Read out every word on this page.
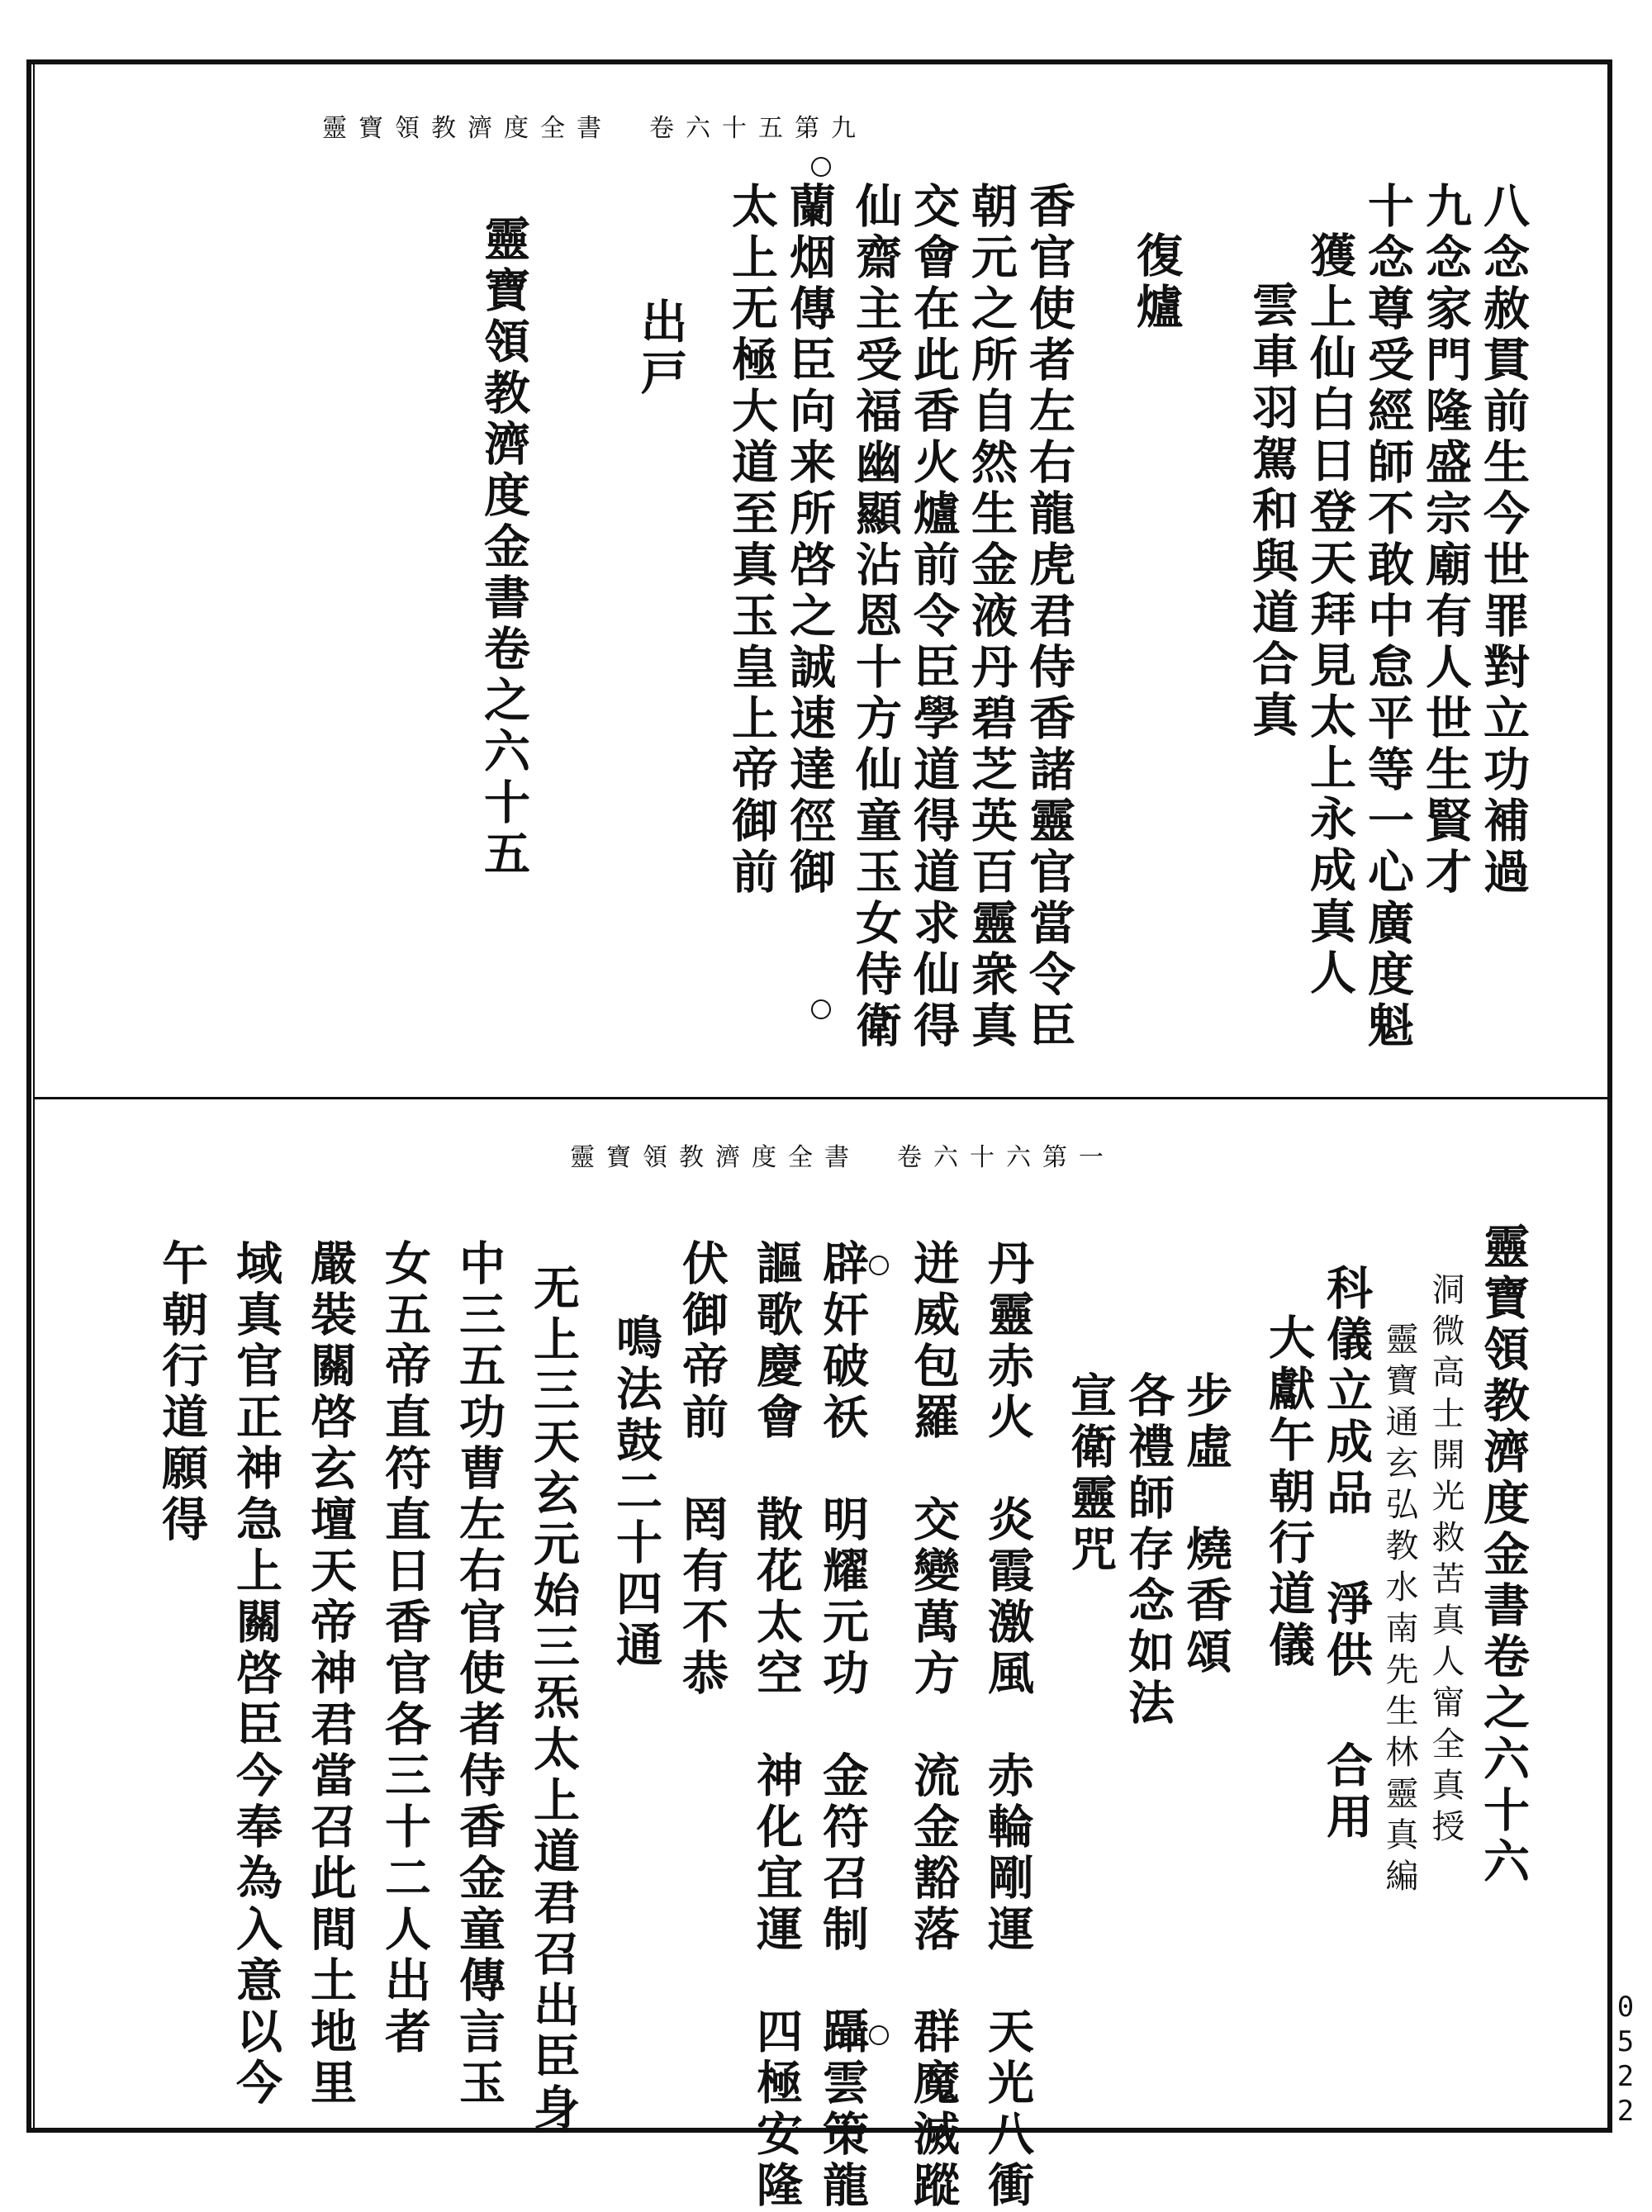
靈寶領教濟度全書　卷六十五第九
八念赦貫前生今世罪對立功補過
九念家門隆盛宗廟有人世生賢才
十念尊受經師不敢中怠平等一心廣度魁
獲上仙白日登天拜見太上永成真人
雲車羽駕和與道合真
復爐
香官使者左右龍虎君侍香諸靈官當令臣
朝元之所自然生金液丹碧芝英百靈衆真
交會在此香火爐前令臣學道得道求仙得
仙齋主受福幽顯沾恩十方仙童玉女侍衛
蘭烟傳臣向来所啓之誠速達徑御
太上无極大道至真玉皇上帝御前
出戸
靈寶領教濟度金書卷之六十五
靈寶領教濟度全書　卷六十六第一
靈寶領教濟度金書卷之六十六
洞微高士開光救苦真人甯全真授
靈寶通玄弘教水南先生林靈真編
科儀立成品 淨供 合用
大獻午朝行道儀
步虛　燒香頌
各禮師存念如法
宣衛靈咒
丹靈赤火　炎霞激風　赤輪剛運　天光八衝
迸威包羅　交變萬方　流金豁落　群魔滅蹤
辟奸破祅　明耀元功　金符召制　躡雲策龍
謳歌慶會　散花太空　神化宜運　四極安隆
伏御帝前　罔有不恭
鳴法鼓二十四通
无上三天玄元始三炁太上道君召出臣身
中三五功曹左右官使者侍香金童傳言玉
女五帝直符直日香官各三十二人出者
嚴裝關啓玄壇天帝神君當召此間土地里
域真官正神急上關啓臣今奉為入意以今
午朝行道願得
0522
